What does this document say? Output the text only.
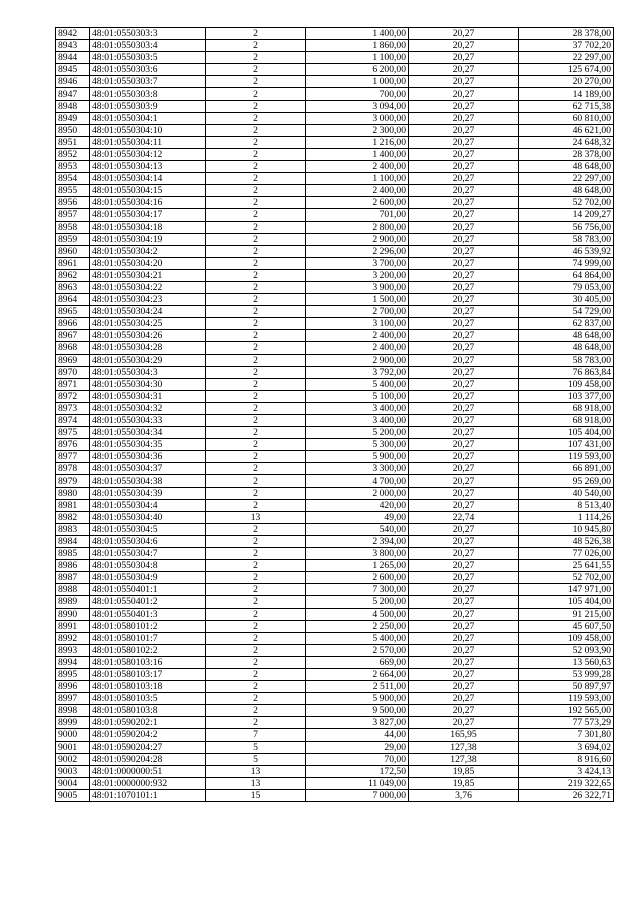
8942	48:01:0550303:3	2	1 400,00	20,27	28 378,00
8943	48:01:0550303:4	2	1 860,00	20,27	37 702,20
8944	48:01:0550303:5	2	1 100,00	20,27	22 297,00
8945	48:01:0550303:6	2	6 200,00	20,27	125 674,00
8946	48:01:0550303:7	2	1 000,00	20,27	20 270,00
8947	48:01:0550303:8	2	700,00	20,27	14 189,00
8948	48:01:0550303:9	2	3 094,00	20,27	62 715,38
8949	48:01:0550304:1	2	3 000,00	20,27	60 810,00
8950	48:01:0550304:10	2	2 300,00	20,27	46 621,00
8951	48:01:0550304:11	2	1 216,00	20,27	24 648,32
8952	48:01:0550304:12	2	1 400,00	20,27	28 378,00
8953	48:01:0550304:13	2	2 400,00	20,27	48 648,00
8954	48:01:0550304:14	2	1 100,00	20,27	22 297,00
8955	48:01:0550304:15	2	2 400,00	20,27	48 648,00
8956	48:01:0550304:16	2	2 600,00	20,27	52 702,00
8957	48:01:0550304:17	2	701,00	20,27	14 209,27
8958	48:01:0550304:18	2	2 800,00	20,27	56 756,00
8959	48:01:0550304:19	2	2 900,00	20,27	58 783,00
8960	48:01:0550304:2	2	2 296,00	20,27	46 539,92
8961	48:01:0550304:20	2	3 700,00	20,27	74 999,00
8962	48:01:0550304:21	2	3 200,00	20,27	64 864,00
8963	48:01:0550304:22	2	3 900,00	20,27	79 053,00
8964	48:01:0550304:23	2	1 500,00	20,27	30 405,00
8965	48:01:0550304:24	2	2 700,00	20,27	54 729,00
8966	48:01:0550304:25	2	3 100,00	20,27	62 837,00
8967	48:01:0550304:26	2	2 400,00	20,27	48 648,00
8968	48:01:0550304:28	2	2 400,00	20,27	48 648,00
8969	48:01:0550304:29	2	2 900,00	20,27	58 783,00
8970	48:01:0550304:3	2	3 792,00	20,27	76 863,84
8971	48:01:0550304:30	2	5 400,00	20,27	109 458,00
8972	48:01:0550304:31	2	5 100,00	20,27	103 377,00
8973	48:01:0550304:32	2	3 400,00	20,27	68 918,00
8974	48:01:0550304:33	2	3 400,00	20,27	68 918,00
8975	48:01:0550304:34	2	5 200,00	20,27	105 404,00
8976	48:01:0550304:35	2	5 300,00	20,27	107 431,00
8977	48:01:0550304:36	2	5 900,00	20,27	119 593,00
8978	48:01:0550304:37	2	3 300,00	20,27	66 891,00
8979	48:01:0550304:38	2	4 700,00	20,27	95 269,00
8980	48:01:0550304:39	2	2 000,00	20,27	40 540,00
8981	48:01:0550304:4	2	420,00	20,27	8 513,40
8982	48:01:0550304:40	13	49,00	22,74	1 114,26
8983	48:01:0550304:5	2	540,00	20,27	10 945,80
8984	48:01:0550304:6	2	2 394,00	20,27	48 526,38
8985	48:01:0550304:7	2	3 800,00	20,27	77 026,00
8986	48:01:0550304:8	2	1 265,00	20,27	25 641,55
8987	48:01:0550304:9	2	2 600,00	20,27	52 702,00
8988	48:01:0550401:1	2	7 300,00	20,27	147 971,00
8989	48:01:0550401:2	2	5 200,00	20,27	105 404,00
8990	48:01:0550401:3	2	4 500,00	20,27	91 215,00
8991	48:01:0580101:2	2	2 250,00	20,27	45 607,50
8992	48:01:0580101:7	2	5 400,00	20,27	109 458,00
8993	48:01:0580102:2	2	2 570,00	20,27	52 093,90
8994	48:01:0580103:16	2	669,00	20,27	13 560,63
8995	48:01:0580103:17	2	2 664,00	20,27	53 999,28
8996	48:01:0580103:18	2	2 511,00	20,27	50 897,97
8997	48:01:0580103:5	2	5 900,00	20,27	119 593,00
8998	48:01:0580103:8	2	9 500,00	20,27	192 565,00
8999	48:01:0590202:1	2	3 827,00	20,27	77 573,29
9000	48:01:0590204:2	7	44,00	165,95	7 301,80
9001	48:01:0590204:27	5	29,00	127,38	3 694,02
9002	48:01:0590204:28	5	70,00	127,38	8 916,60
9003	48:01:0000000:51	13	172,50	19,85	3 424,13
9004	48:01:0000000:932	13	11 049,00	19,85	219 322,65
9005	48:01:1070101:1	15	7 000,00	3,76	26 322,71
